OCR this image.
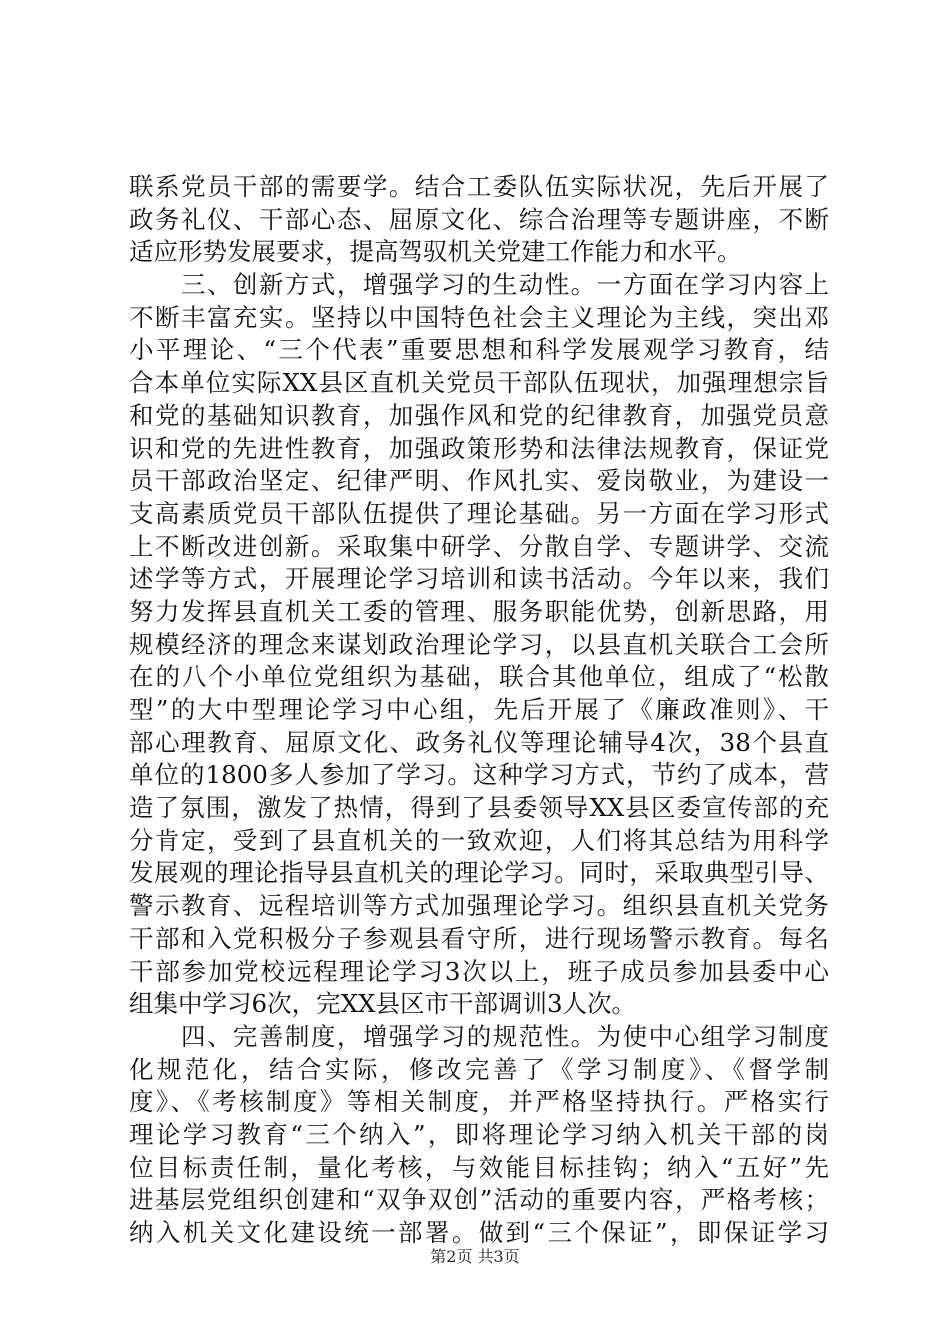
联系党员干部的需要学。结合工委队伍实际状况，先后开展了
政务礼仪、干部心态、屈原文化、综合治理等专题讲座，不断
适应形势发展要求，提高驾驭机关党建工作能力和水平。
　　三、创新方式，增强学习的生动性。一方面在学习内容上
不断丰富充实。坚持以中国特色社会主义理论为主线，突出邓
小平理论、“三个代表”重要思想和科学发展观学习教育，结
合本单位实际XX县区直机关党员干部队伍现状，加强理想宗旨
和党的基础知识教育，加强作风和党的纪律教育，加强党员意
识和党的先进性教育，加强政策形势和法律法规教育，保证党
员干部政治坚定、纪律严明、作风扎实、爱岗敬业，为建设一
支高素质党员干部队伍提供了理论基础。另一方面在学习形式
上不断改进创新。采取集中研学、分散自学、专题讲学、交流
述学等方式，开展理论学习培训和读书活动。今年以来，我们
努力发挥县直机关工委的管理、服务职能优势，创新思路，用
规模经济的理念来谋划政治理论学习，以县直机关联合工会所
在的八个小单位党组织为基础，联合其他单位，组成了“松散
型”的大中型理论学习中心组，先后开展了《廉政准则》、干
部心理教育、屈原文化、政务礼仪等理论辅导4次，38个县直
单位的1800多人参加了学习。这种学习方式，节约了成本，营
造了氛围，激发了热情，得到了县委领导XX县区委宣传部的充
分肯定，受到了县直机关的一致欢迎，人们将其总结为用科学
发展观的理论指导县直机关的理论学习。同时，采取典型引导、
警示教育、远程培训等方式加强理论学习。组织县直机关党务
干部和入党积极分子参观县看守所，进行现场警示教育。每名
干部参加党校远程理论学习3次以上，班子成员参加县委中心
组集中学习6次，完XX县区市干部调训3人次。
　　四、完善制度，增强学习的规范性。为使中心组学习制度
化规范化，结合实际，修改完善了《学习制度》、《督学制
度》、《考核制度》等相关制度，并严格坚持执行。严格实行
理论学习教育“三个纳入”，即将理论学习纳入机关干部的岗
位目标责任制，量化考核，与效能目标挂钩；纳入“五好”先
进基层党组织创建和“双争双创”活动的重要内容，严格考核；
纳入机关文化建设统一部署。做到“三个保证”，即保证学习
第2页 共3页
